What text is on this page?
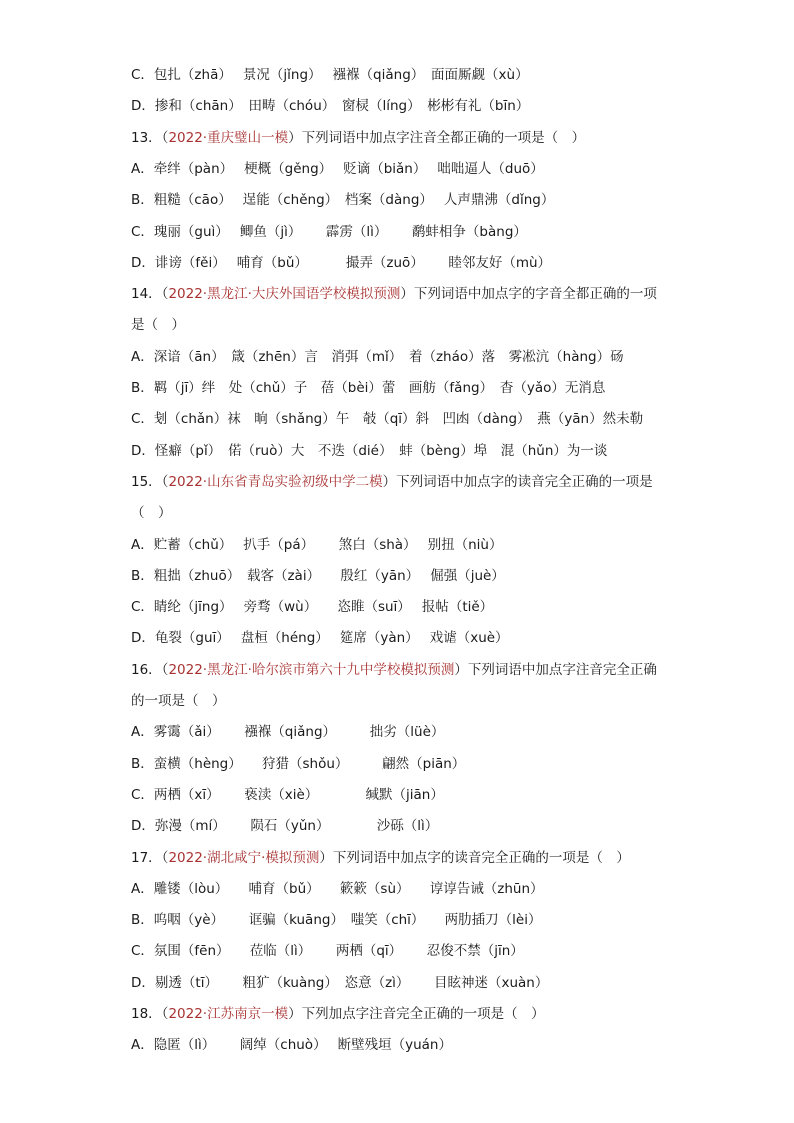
C．包扎（zhā）　 景况（jǐng）　 襁褓（qiǎng）　面面厮觑（xù）
D．掺和（chān）　田畴（chóu）　窗棂（líng）　彬彬有礼（bīn）
13．（2022·重庆璧山一模）下列词语中加点字注音全都正确的一项是（　）
A．牵绊（pàn）　 梗概（gěng）　 贬谪（biǎn）　 咄咄逼人（duō）
B．粗糙（cāo）　 逞能（chěng）　档案（dàng）　 人声鼎沸（dǐng）
C．瑰丽（guì）　 鲫鱼（jì）　　 霹雳（lì）　　 鹬蚌相争（bàng）
D．诽谤（fěi）　 哺育（bǔ）　　　 撮弄（zuō）　　 睦邻友好（mù）
14．（2022·黑龙江·大庆外国语学校模拟预测）下列词语中加点字的字音全都正确的一项
是（　）
A．深谙（ān）　箴（zhēn）言　消弭（mǐ）　着（zháo）落　雾凇沆（hàng）砀
B．羁（jī）绊　处（chǔ）子　蓓（bèi）蕾　画舫（fǎng）　杳（yǎo）无消息
C．刬（chǎn）袜　晌（shǎng）午　攲（qī）斜　凹凼（dàng）　燕（yān）然未勒
D．怪癖（pǐ）　偌（ruò）大　不迭（dié）　蚌（bèng）埠　混（hǔn）为一谈
15．（2022·山东省青岛实验初级中学二模）下列词语中加点字的读音完全正确的一项是
（　）
A．贮蓄（chǔ）　 扒手（pá）　　 煞白（shà）　 别扭（niù）
B．粗拙（zhuō）　载客（zài）　　殷红（yān）　 倔强（juè）
C．睛纶（jīng）　 旁骛（wù）　　恣睢（suī）　 报帖（tiě）
D．龟裂（guī）　 盘桓（héng）　 筵席（yàn）　 戏谑（xuè）
16．（2022·黑龙江·哈尔滨市第六十九中学校模拟预测）下列词语中加点字注音完全正确
的一项是（　）
A．雾霭（ǎi）　　 襁褓（qiǎng）　　　拙劣（lüè）
B．蛮横（hèng）　　狩猎（shǒu）　　　翩然（piān）
C．两栖（xī）　　 亵渎（xiè）　　　　缄默（jiān）
D．弥漫（mí）　　 陨石（yǔn）　　　　沙砾（lì）
17．（2022·湖北咸宁·模拟预测）下列词语中加点字的读音完全正确的一项是（　）
A．雕镂（lòu）　　哺育（bǔ）　　簌簌（sù）　　谆谆告诫（zhūn）
B．呜咽（yè）　　 诓骗（kuāng）　嗤笑（chī）　　两肋插刀（lèi）
C．氛围（fēn）　　莅临（lì）　　 两栖（qī）　　 忍俊不禁（jīn）
D．剔透（tī）　　 粗犷（kuàng）　恣意（zì）　　 目眩神迷（xuàn）
18．（2022·江苏南京一模）下列加点字注音完全正确的一项是（　）
A．隐匿（lì）　　 阔绰（chuò）　 断壁残垣（yuán）
